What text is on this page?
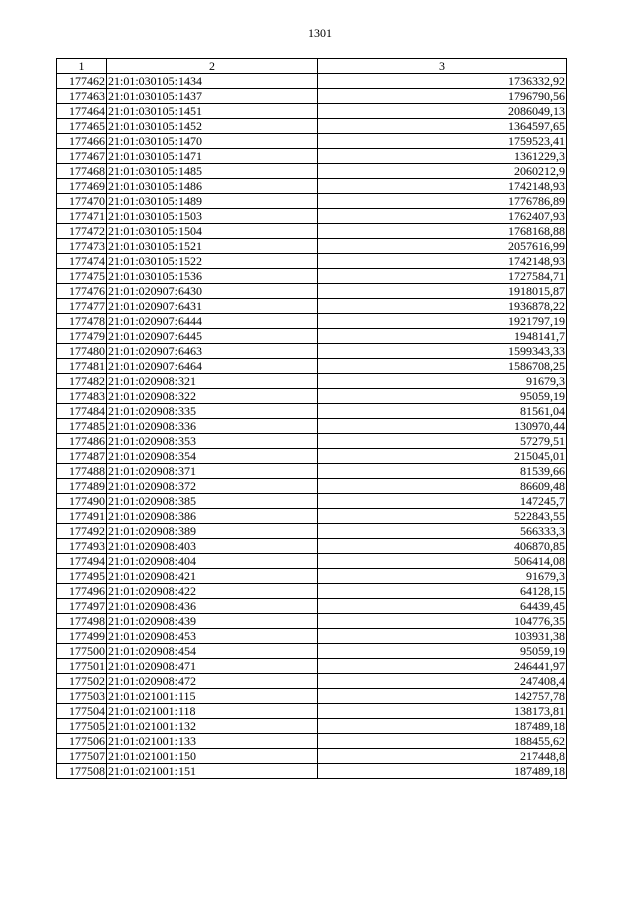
1301
1	2	3
177462	21:01:030105:1434	1736332,92
177463	21:01:030105:1437	1796790,56
177464	21:01:030105:1451	2086049,13
177465	21:01:030105:1452	1364597,65
177466	21:01:030105:1470	1759523,41
177467	21:01:030105:1471	1361229,3
177468	21:01:030105:1485	2060212,9
177469	21:01:030105:1486	1742148,93
177470	21:01:030105:1489	1776786,89
177471	21:01:030105:1503	1762407,93
177472	21:01:030105:1504	1768168,88
177473	21:01:030105:1521	2057616,99
177474	21:01:030105:1522	1742148,93
177475	21:01:030105:1536	1727584,71
177476	21:01:020907:6430	1918015,87
177477	21:01:020907:6431	1936878,22
177478	21:01:020907:6444	1921797,19
177479	21:01:020907:6445	1948141,7
177480	21:01:020907:6463	1599343,33
177481	21:01:020907:6464	1586708,25
177482	21:01:020908:321	91679,3
177483	21:01:020908:322	95059,19
177484	21:01:020908:335	81561,04
177485	21:01:020908:336	130970,44
177486	21:01:020908:353	57279,51
177487	21:01:020908:354	215045,01
177488	21:01:020908:371	81539,66
177489	21:01:020908:372	86609,48
177490	21:01:020908:385	147245,7
177491	21:01:020908:386	522843,55
177492	21:01:020908:389	566333,3
177493	21:01:020908:403	406870,85
177494	21:01:020908:404	506414,08
177495	21:01:020908:421	91679,3
177496	21:01:020908:422	64128,15
177497	21:01:020908:436	64439,45
177498	21:01:020908:439	104776,35
177499	21:01:020908:453	103931,38
177500	21:01:020908:454	95059,19
177501	21:01:020908:471	246441,97
177502	21:01:020908:472	247408,4
177503	21:01:021001:115	142757,78
177504	21:01:021001:118	138173,81
177505	21:01:021001:132	187489,18
177506	21:01:021001:133	188455,62
177507	21:01:021001:150	217448,8
177508	21:01:021001:151	187489,18
